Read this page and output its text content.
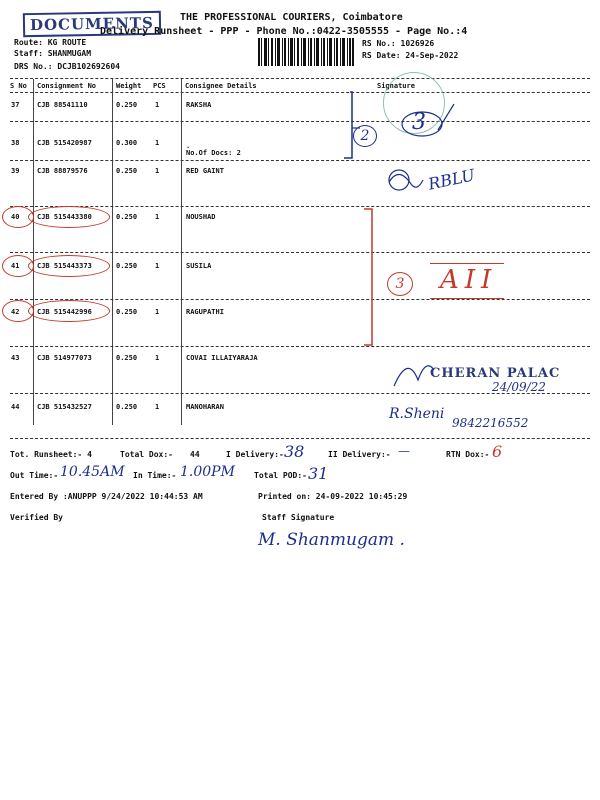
DOCUMENTS	THE PROFESSIONAL COURIERS, Coimbatore
Delivery Runsheet - PPP - Phone No.:0422-3505555 - Page No.:4
Route: KG ROUTE
Staff: SHANMUGAM
DRS No.: DCJB102692604
RS No.: 1026926
RS Date: 24-Sep-2022
S No Consignment No	Weight PCS	Consignee Details	Signature
37	CJB 88541110	0.250	1	RAKSHA
38	CJB 515420987	0.300	1	.
No.Of Docs: 2
39	CJB 88879576	0.250	1	RED GAINT
40	CJB 515443380	0.250	1	NOUSHAD
41	CJB 515443373	0.250	1	SUSILA
42	CJB 515442996	0.250	1	RAGUPATHI
43	CJB 514977073	0.250	1	COVAI ILLAIYARAJA
44	CJB 515432527	0.250	1	MANOHARAN
2
3
RBLU
3	AII
CHERAN PALAC
24/09/22
R.Sheni
9842216552
Tot. Runsheet:- 4	Total Dox:- 44	I Delivery:- 38	II Delivery:- —	RTN Dox:- 6
Out Time:- 10.45AM In Time:- 1.00PM Total POD:- 31
Entered By :ANUPPP 9/24/2022 10:44:53 AM	Printed on: 24-09-2022 10:45:29
Verified By	Staff Signature
M. Shanmugam .
